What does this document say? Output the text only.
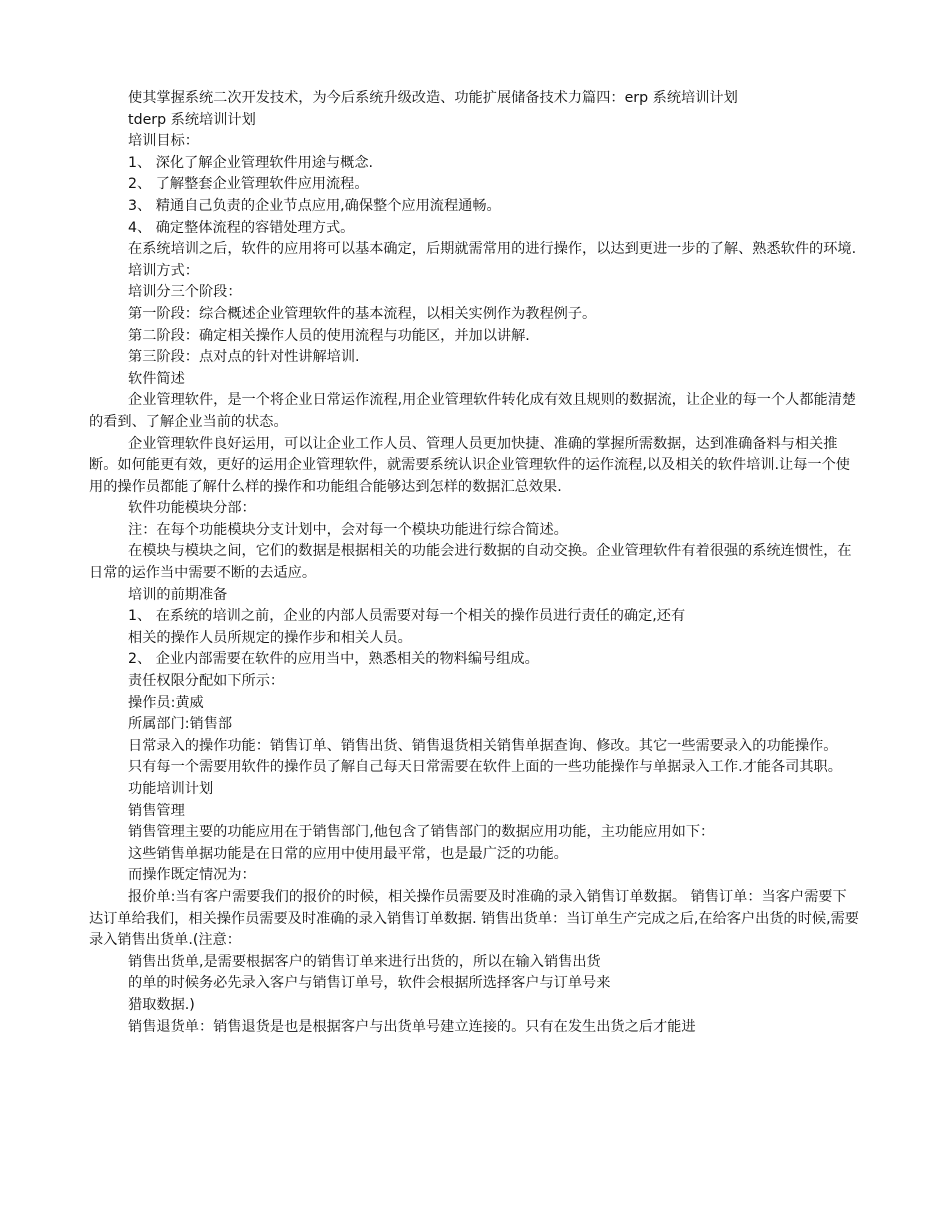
使其掌握系统二次开发技术，为今后系统升级改造、功能扩展储备技术力篇四：erp 系统培训计划

tderp 系统培训计划

培训目标：

1、 深化了解企业管理软件用途与概念.

2、 了解整套企业管理软件应用流程。

3、 精通自己负责的企业节点应用,确保整个应用流程通畅。

4、 确定整体流程的容错处理方式。

在系统培训之后，软件的应用将可以基本确定，后期就需常用的进行操作，以达到更进一步的了解、熟悉软件的环境.

培训方式：

培训分三个阶段：

第一阶段：综合概述企业管理软件的基本流程，以相关实例作为教程例子。

第二阶段：确定相关操作人员的使用流程与功能区，并加以讲解.

第三阶段：点对点的针对性讲解培训.

软件简述

企业管理软件，是一个将企业日常运作流程,用企业管理软件转化成有效且规则的数据流，让企业的每一个人都能清楚的看到、了解企业当前的状态。

企业管理软件良好运用，可以让企业工作人员、管理人员更加快捷、准确的掌握所需数据，达到准确备料与相关推断。如何能更有效，更好的运用企业管理软件，就需要系统认识企业管理软件的运作流程,以及相关的软件培训.让每一个使用的操作员都能了解什么样的操作和功能组合能够达到怎样的数据汇总效果.

软件功能模块分部：

注：在每个功能模块分支计划中，会对每一个模块功能进行综合简述。

在模块与模块之间，它们的数据是根据相关的功能会进行数据的自动交换。企业管理软件有着很强的系统连惯性，在日常的运作当中需要不断的去适应。

培训的前期准备

1、 在系统的培训之前，企业的内部人员需要对每一个相关的操作员进行责任的确定,还有

相关的操作人员所规定的操作步和相关人员。

2、 企业内部需要在软件的应用当中，熟悉相关的物料编号组成。

责任权限分配如下所示：

操作员:黄威

所属部门:销售部

日常录入的操作功能：销售订单、销售出货、销售退货相关销售单据查询、修改。其它一些需要录入的功能操作。

只有每一个需要用软件的操作员了解自己每天日常需要在软件上面的一些功能操作与单据录入工作.才能各司其职。

功能培训计划

销售管理

销售管理主要的功能应用在于销售部门,他包含了销售部门的数据应用功能，主功能应用如下：

这些销售单据功能是在日常的应用中使用最平常，也是最广泛的功能。

而操作既定情况为：

报价单:当有客户需要我们的报价的时候，相关操作员需要及时准确的录入销售订单数据。 销售订单：当客户需要下达订单给我们，相关操作员需要及时准确的录入销售订单数据. 销售出货单：当订单生产完成之后,在给客户出货的时候,需要录入销售出货单.(注意：

销售出货单,是需要根据客户的销售订单来进行出货的，所以在输入销售出货

的单的时候务必先录入客户与销售订单号，软件会根据所选择客户与订单号来

猎取数据.)

销售退货单：销售退货是也是根据客户与出货单号建立连接的。只有在发生出货之后才能进
